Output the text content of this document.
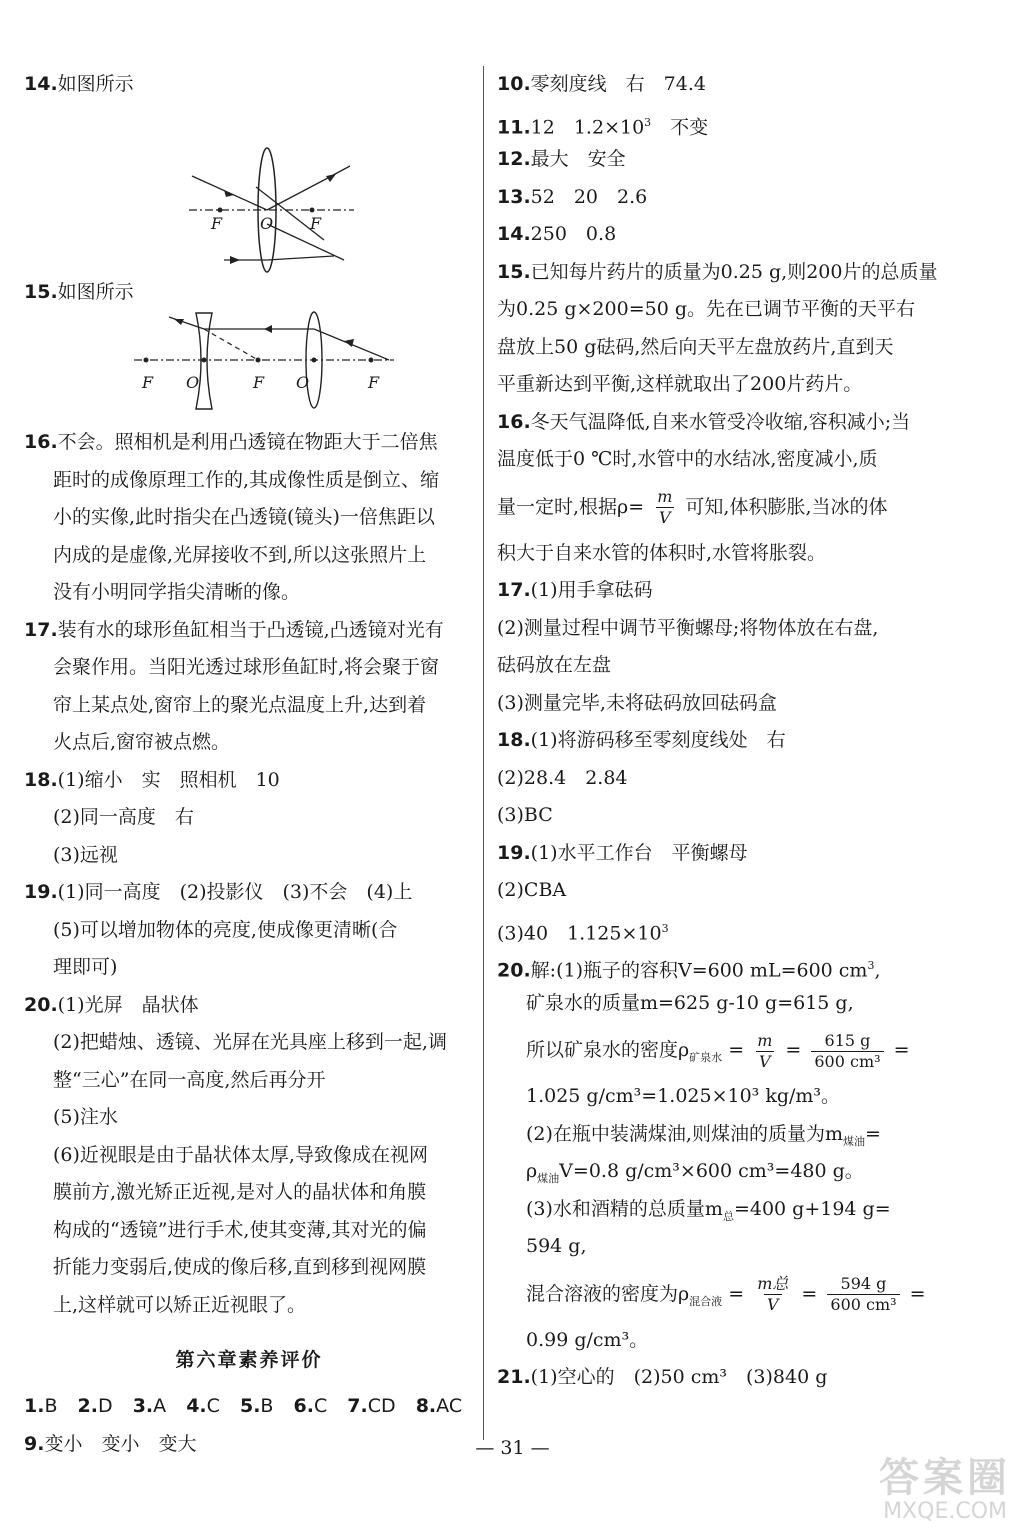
14.如图所示
F O F
15.如图所示
F O	F O	F
16.不会。照相机是利用凸透镜在物距大于二倍焦
距时的成像原理工作的,其成像性质是倒立、缩
小的实像,此时指尖在凸透镜(镜头)一倍焦距以
内成的是虚像,光屏接收不到,所以这张照片上
没有小明同学指尖清晰的像。
17.装有水的球形鱼缸相当于凸透镜,凸透镜对光有
会聚作用。当阳光透过球形鱼缸时,将会聚于窗
帘上某点处,窗帘上的聚光点温度上升,达到着
火点后,窗帘被点燃。
18.(1)缩小　实　照相机　10
(2)同一高度　右
(3)远视
19.(1)同一高度　(2)投影仪　(3)不会　(4)上
(5)可以增加物体的亮度,使成像更清晰(合
理即可)
20.(1)光屏　晶状体
(2)把蜡烛、透镜、光屏在光具座上移到一起,调
整“三心”在同一高度,然后再分开
(5)注水
(6)近视眼是由于晶状体太厚,导致像成在视网
膜前方,激光矫正近视,是对人的晶状体和角膜
构成的“透镜”进行手术,使其变薄,其对光的偏
折能力变弱后,使成的像后移,直到移到视网膜
上,这样就可以矫正近视眼了。
第六章素养评价
1.B 2.D 3.A 4.C 5.B 6.C 7.CD 8.AC
9.变小　变小　变大
10.零刻度线　右　74.4
11.12　$1.2\times 10^3$　不变
12.最大　安全
13.52　20　2.6
14.250　0.8
15.已知每片药片的质量为0.25 g,则200片的总质量
为0.25 g×200=50 g。先在已调节平衡的天平右
盘放上50 g砝码,然后向天平左盘放药片,直到天
平重新达到平衡,这样就取出了200片药片。
16.冬天气温降低,自来水管受冷收缩,容积减小;当
温度低于0 ℃时,水管中的水结冰,密度减小,质
量一定时,根据$\rho= \frac{m}{V}$ 可知,体积膨胀,当冰的体
积大于自来水管的体积时,水管将胀裂。
17.(1)用手拿砝码
(2)测量过程中调节平衡螺母;将物体放在右盘,
砝码放在左盘
(3)测量完毕,未将砝码放回砝码盒
18.(1)将游码移至零刻度线处　右
(2)28.4　2.84
(3)BC
19.(1)水平工作台　平衡螺母
(2)CBA
(3)40　$1.125\times 10^3$
20.解:(1)瓶子的容积V=600 mL=600 $cm^3$,
矿泉水的质量m=625 g-10 g=615 g,
所以矿泉水的密度$\rho_{矿泉水} = \frac{m}{V} = \frac{615 g}{\text{600 cm³}}$ =
1.025 g/cm³=1.025×10³ kg/m³。
(2)在瓶中装满煤油,则煤油的质量为$m_{煤油}=$
$\rho_{煤油}V=0.8$ g/cm³×600 cm³=480 g。
(3)水和酒精的总质量$m_总=400$ g+194 g=
594 g,
混合溶液的密度为$\rho_{混合液} = \frac{\text{m总}}{V} = \frac{594 g}{\text{600 cm³}}$ =
0.99 g/cm³。
21.(1)空心的　(2)50 cm³　(3)840 g
— 31 —
答案圈
MXQE.COM
